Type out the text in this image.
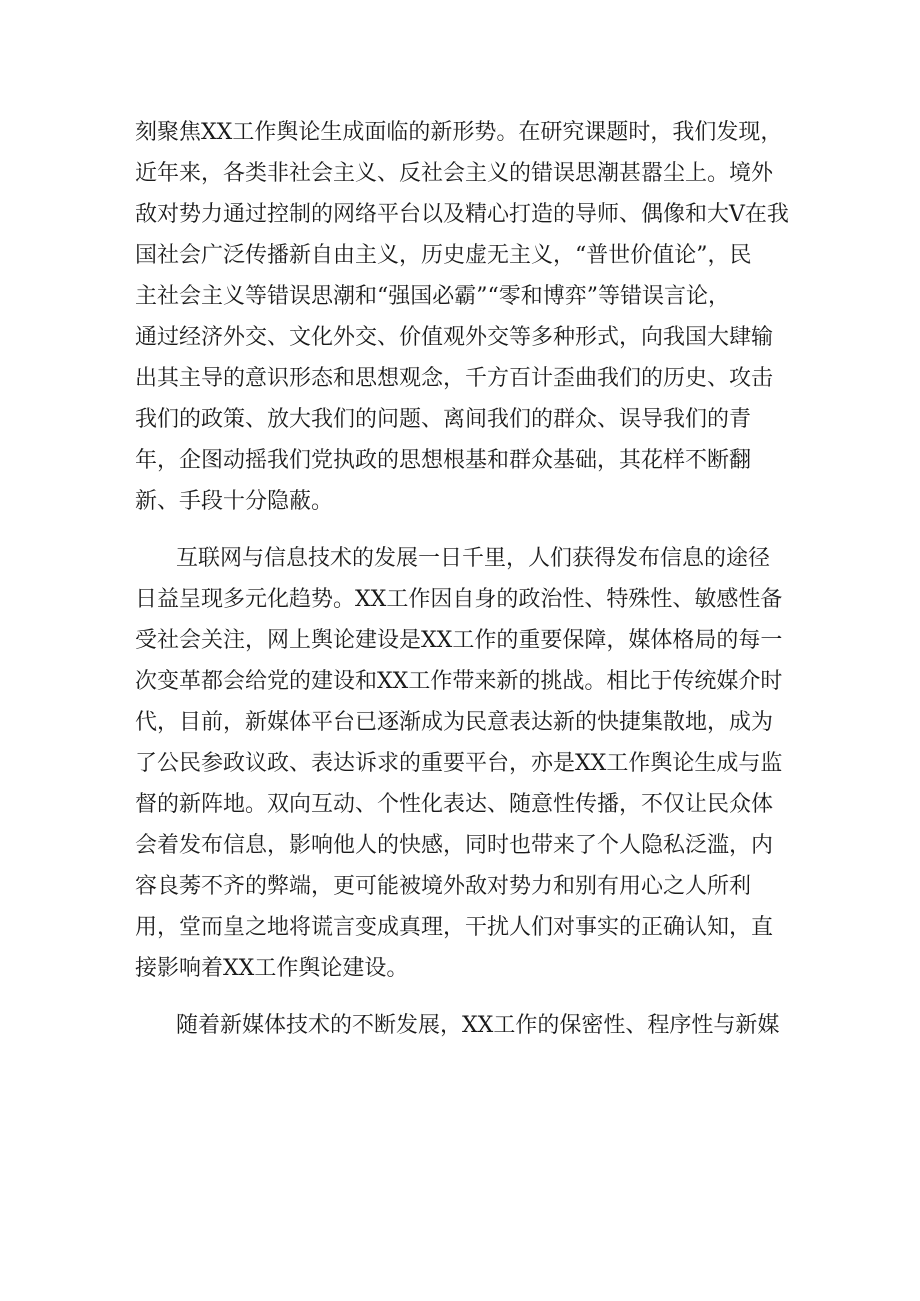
刻聚焦XX工作舆论生成面临的新形势。在研究课题时，我们发现，
近年来，各类非社会主义、反社会主义的错误思潮甚嚣尘上。境外
敌对势力通过控制的网络平台以及精心打造的导师、偶像和大V在我
国社会广泛传播新自由主义，历史虚无主义，“普世价值论”，民
主社会主义等错误思潮和“强国必霸”“零和博弈”等错误言论，
通过经济外交、文化外交、价值观外交等多种形式，向我国大肆输
出其主导的意识形态和思想观念，千方百计歪曲我们的历史、攻击
我们的政策、放大我们的问题、离间我们的群众、误导我们的青
年，企图动摇我们党执政的思想根基和群众基础，其花样不断翻
新、手段十分隐蔽。
互联网与信息技术的发展一日千里，人们获得发布信息的途径
日益呈现多元化趋势。XX工作因自身的政治性、特殊性、敏感性备
受社会关注，网上舆论建设是XX工作的重要保障，媒体格局的每一
次变革都会给党的建设和XX工作带来新的挑战。相比于传统媒介时
代，目前，新媒体平台已逐渐成为民意表达新的快捷集散地，成为
了公民参政议政、表达诉求的重要平台，亦是XX工作舆论生成与监
督的新阵地。双向互动、个性化表达、随意性传播，不仅让民众体
会着发布信息，影响他人的快感，同时也带来了个人隐私泛滥，内
容良莠不齐的弊端，更可能被境外敌对势力和别有用心之人所利
用，堂而皇之地将谎言变成真理，干扰人们对事实的正确认知，直
接影响着XX工作舆论建设。
随着新媒体技术的不断发展，XX工作的保密性、程序性与新媒
